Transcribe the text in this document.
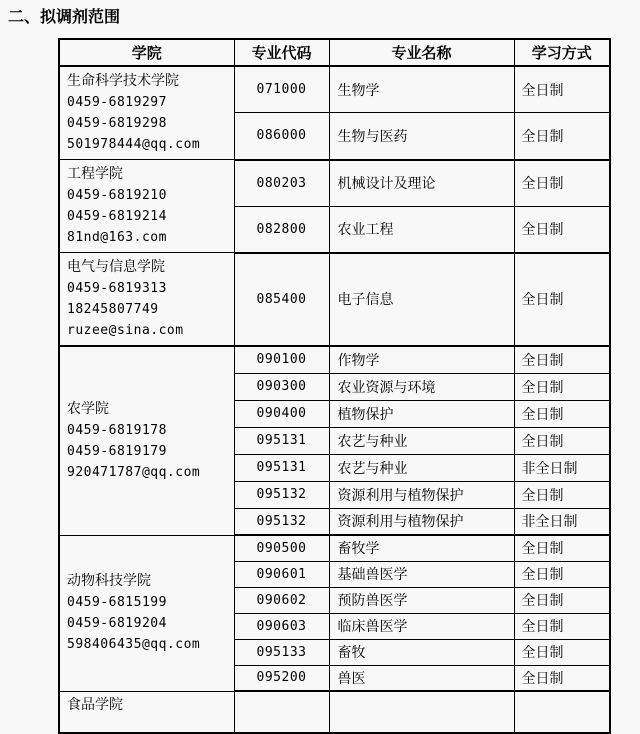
二、拟调剂范围
学院	专业代码	专业名称	学习方式

生命科学技术学院
0459-6819297
0459-6819298
501978444@qq.com	071000	生物学	全日制
	086000	生物与医药	全日制

工程学院
0459-6819210
0459-6819214
81nd@163.com	080203	机械设计及理论	全日制
	082800	农业工程	全日制

电气与信息学院
0459-6819313
18245807749
ruzee@sina.com	085400	电子信息	全日制

农学院
0459-6819178
0459-6819179
920471787@qq.com	090100	作物学	全日制
	090300	农业资源与环境	全日制
	090400	植物保护	全日制
	095131	农艺与种业	全日制
	095131	农艺与种业	非全日制
	095132	资源利用与植物保护	全日制
	095132	资源利用与植物保护	非全日制

动物科技学院
0459-6815199
0459-6819204
598406435@qq.com	090500	畜牧学	全日制
	090601	基础兽医学	全日制
	090602	预防兽医学	全日制
	090603	临床兽医学	全日制
	095133	畜牧	全日制
	095200	兽医	全日制

食品学院			
